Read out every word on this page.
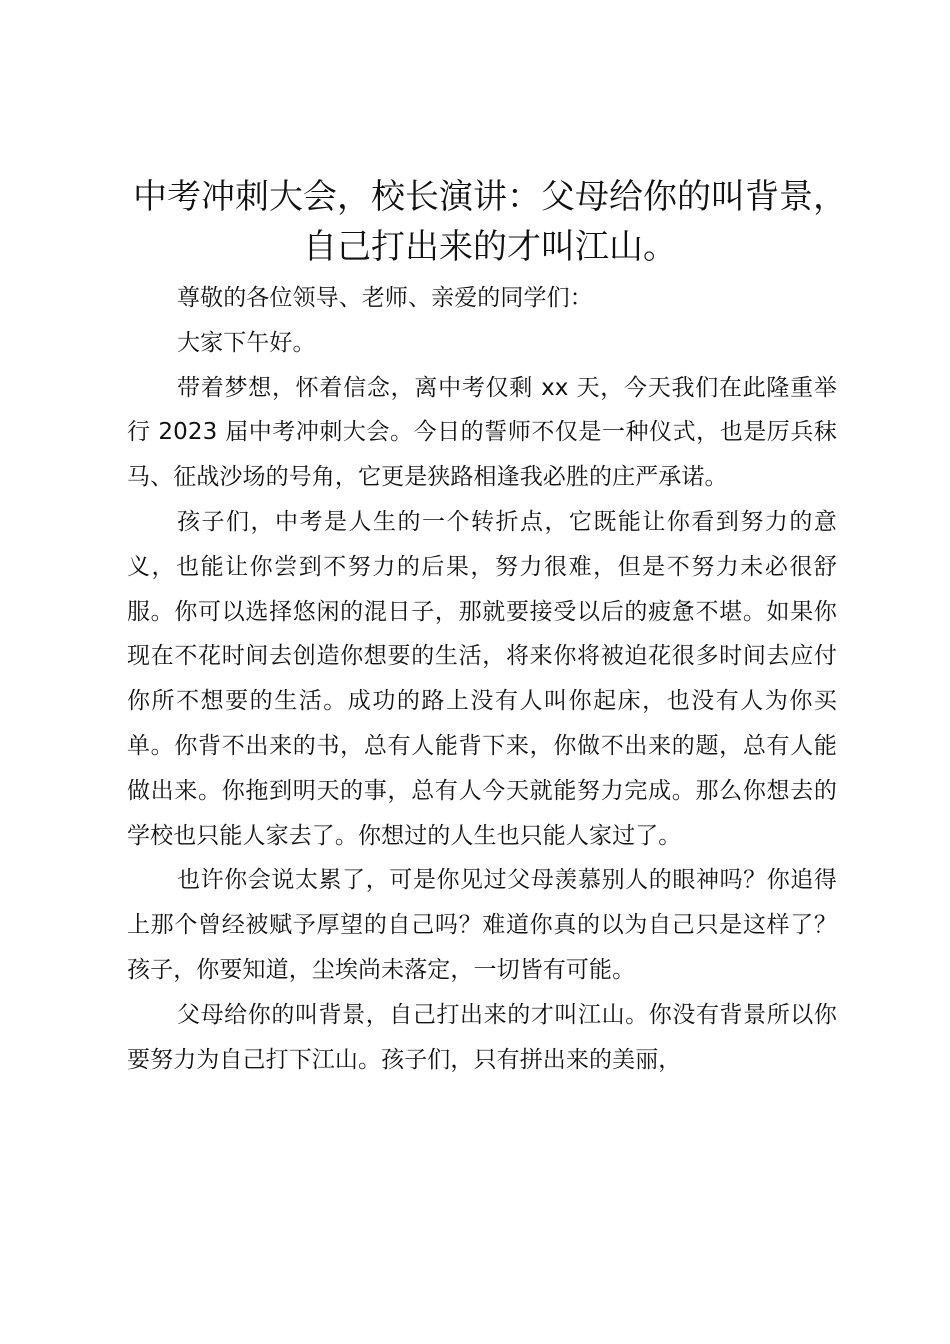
中考冲刺大会，校长演讲：父母给你的叫背景，
自己打出来的才叫江山。

尊敬的各位领导、老师、亲爱的同学们：

大家下午好。

带着梦想，怀着信念，离中考仅剩 xx 天，今天我们在此隆重举行 2023 届中考冲刺大会。今日的誓师不仅是一种仪式，也是厉兵秣马、征战沙场的号角，它更是狭路相逢我必胜的庄严承诺。

孩子们，中考是人生的一个转折点，它既能让你看到努力的意义，也能让你尝到不努力的后果，努力很难，但是不努力未必很舒服。你可以选择悠闲的混日子，那就要接受以后的疲惫不堪。如果你现在不花时间去创造你想要的生活，将来你将被迫花很多时间去应付你所不想要的生活。成功的路上没有人叫你起床，也没有人为你买单。你背不出来的书，总有人能背下来，你做不出来的题，总有人能做出来。你拖到明天的事，总有人今天就能努力完成。那么你想去的学校也只能人家去了。你想过的人生也只能人家过了。

也许你会说太累了，可是你见过父母羡慕别人的眼神吗？你追得上那个曾经被赋予厚望的自己吗？难道你真的以为自己只是这样了？孩子，你要知道，尘埃尚未落定，一切皆有可能。

父母给你的叫背景，自己打出来的才叫江山。你没有背景所以你要努力为自己打下江山。孩子们，只有拼出来的美丽，
